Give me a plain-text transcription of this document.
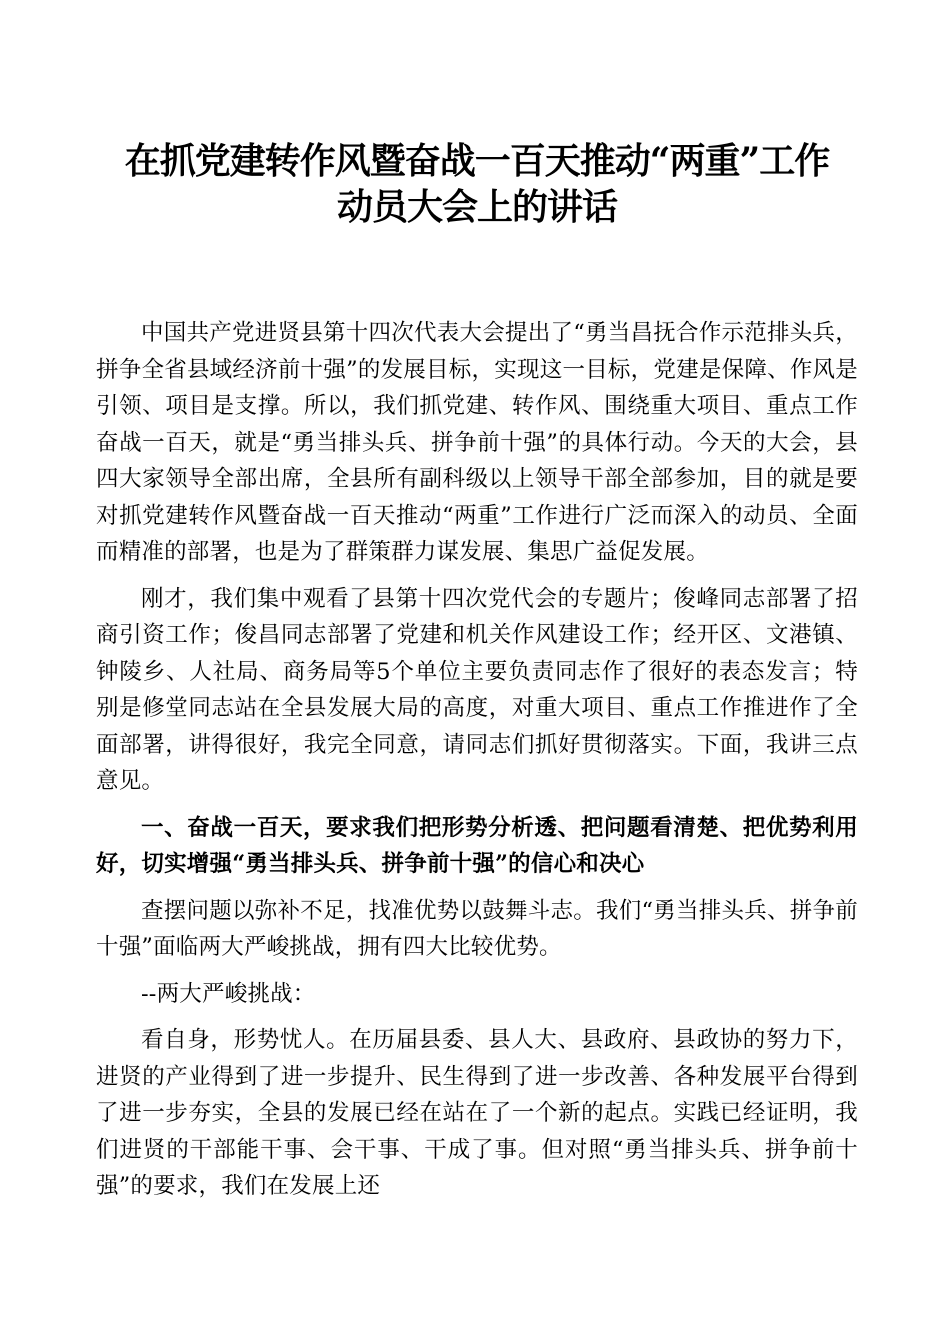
在抓党建转作风暨奋战一百天推动“两重”工作
动员大会上的讲话

中国共产党进贤县第十四次代表大会提出了“勇当昌抚合作示范排头兵，拼争全省县域经济前十强”的发展目标，实现这一目标，党建是保障、作风是引领、项目是支撑。所以，我们抓党建、转作风、围绕重大项目、重点工作奋战一百天，就是“勇当排头兵、拼争前十强”的具体行动。今天的大会，县四大家领导全部出席，全县所有副科级以上领导干部全部参加，目的就是要对抓党建转作风暨奋战一百天推动“两重”工作进行广泛而深入的动员、全面而精准的部署，也是为了群策群力谋发展、集思广益促发展。

刚才，我们集中观看了县第十四次党代会的专题片；俊峰同志部署了招商引资工作；俊昌同志部署了党建和机关作风建设工作；经开区、文港镇、钟陵乡、人社局、商务局等5个单位主要负责同志作了很好的表态发言；特别是修堂同志站在全县发展大局的高度，对重大项目、重点工作推进作了全面部署，讲得很好，我完全同意，请同志们抓好贯彻落实。下面，我讲三点意见。

一、奋战一百天，要求我们把形势分析透、把问题看清楚、把优势利用好，切实增强“勇当排头兵、拼争前十强”的信心和决心

查摆问题以弥补不足，找准优势以鼓舞斗志。我们“勇当排头兵、拼争前十强”面临两大严峻挑战，拥有四大比较优势。

--两大严峻挑战：

看自身，形势忧人。在历届县委、县人大、县政府、县政协的努力下，进贤的产业得到了进一步提升、民生得到了进一步改善、各种发展平台得到了进一步夯实，全县的发展已经在站在了一个新的起点。实践已经证明，我们进贤的干部能干事、会干事、干成了事。但对照“勇当排头兵、拼争前十强”的要求，我们在发展上还
